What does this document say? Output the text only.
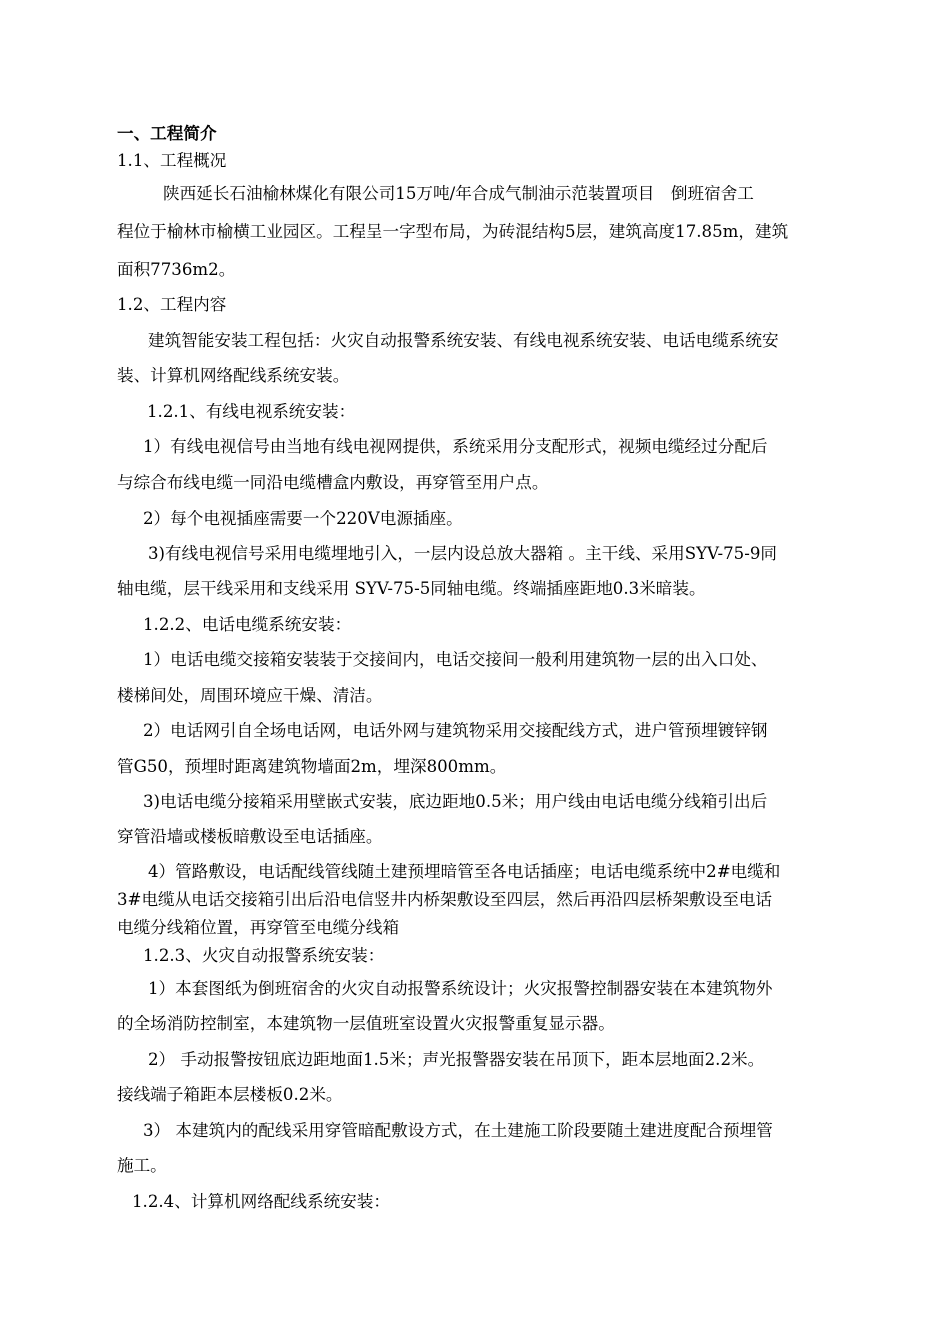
一、工程简介
1.1、工程概况
陕西延长石油榆林煤化有限公司15万吨/年合成气制油示范装置项目　倒班宿舍工
程位于榆林市榆横工业园区。工程呈一字型布局，为砖混结构5层，建筑高度17.85m，建筑
面积7736m2。
1.2、工程内容
建筑智能安装工程包括：火灾自动报警系统安装、有线电视系统安装、电话电缆系统安
装、计算机网络配线系统安装。
1.2.1、有线电视系统安装：
1）有线电视信号由当地有线电视网提供，系统采用分支配形式，视频电缆经过分配后
与综合布线电缆一同沿电缆槽盒内敷设，再穿管至用户点。
2）每个电视插座需要一个220V电源插座。
3)有线电视信号采用电缆埋地引入，一层内设总放大器箱 。主干线、采用SYV-75-9同
轴电缆，层干线采用和支线采用 SYV-75-5同轴电缆。终端插座距地0.3米暗装。
1.2.2、电话电缆系统安装：
1）电话电缆交接箱安装装于交接间内，电话交接间一般利用建筑物一层的出入口处、
楼梯间处，周围环境应干燥、清洁。
2）电话网引自全场电话网，电话外网与建筑物采用交接配线方式，进户管预埋镀锌钢
管G50，预埋时距离建筑物墙面2m，埋深800mm。
3)电话电缆分接箱采用壁嵌式安装，底边距地0.5米；用户线由电话电缆分线箱引出后
穿管沿墙或楼板暗敷设至电话插座。
4）管路敷设，电话配线管线随土建预埋暗管至各电话插座；电话电缆系统中2#电缆和
3#电缆从电话交接箱引出后沿电信竖井内桥架敷设至四层，然后再沿四层桥架敷设至电话
电缆分线箱位置，再穿管至电缆分线箱
1.2.3、火灾自动报警系统安装：
1）本套图纸为倒班宿舍的火灾自动报警系统设计；火灾报警控制器安装在本建筑物外
的全场消防控制室，本建筑物一层值班室设置火灾报警重复显示器。
2） 手动报警按钮底边距地面1.5米；声光报警器安装在吊顶下，距本层地面2.2米。
接线端子箱距本层楼板0.2米。
3） 本建筑内的配线采用穿管暗配敷设方式，在土建施工阶段要随土建进度配合预埋管
施工。
1.2.4、计算机网络配线系统安装：
